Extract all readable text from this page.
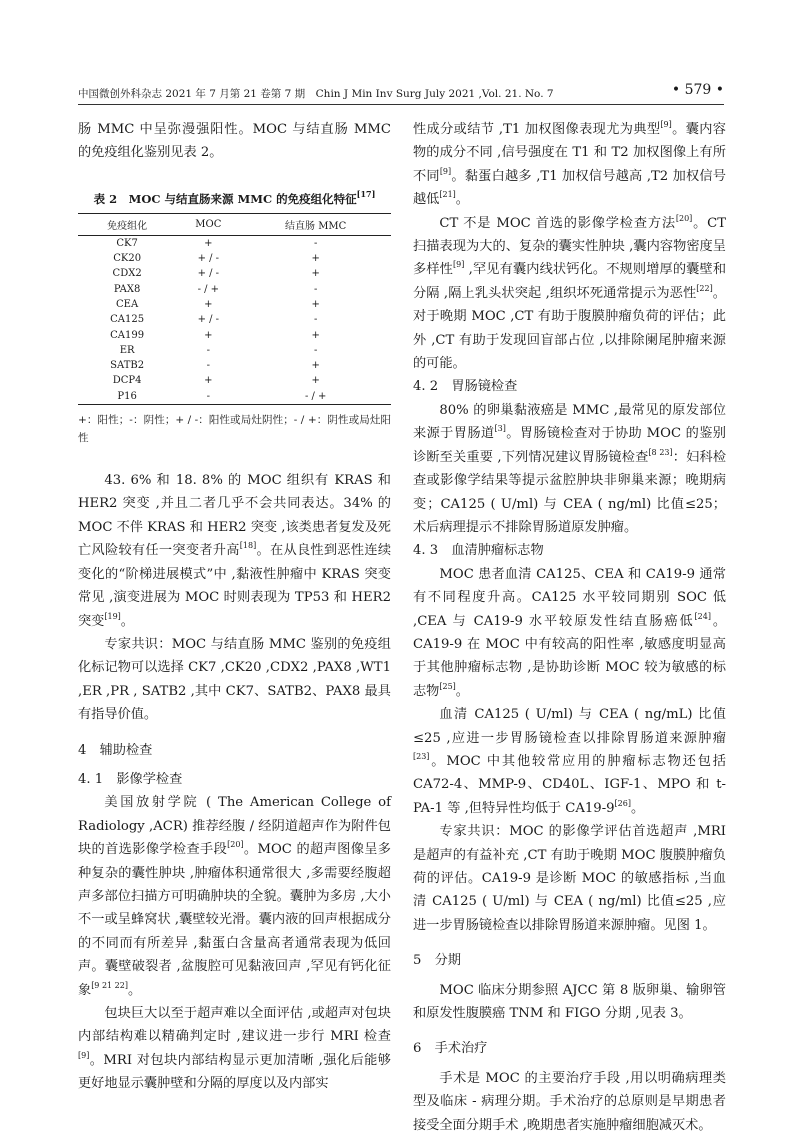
中国微创外科杂志 2021 年 7 月第 21 卷第 7 期　Chin J Min Inv Surg July 2021 ,Vol. 21. No. 7	• 579 •

肠 MMC 中呈弥漫强阳性。MOC 与结直肠 MMC 的免疫组化鉴别见表 2。

表 2　MOC 与结直肠来源 MMC 的免疫组化特征[17]
免疫组化	MOC	结直肠 MMC
CK7	+	-
CK20	+ / -	+
CDX2	+ / -	+
PAX8	- / +	-
CEA	+	+
CA125	+ / -	-
CA199	+	+
ER	-	-
SATB2	-	+
DCP4	+	+
P16	-	- / +
+：阳性；-：阴性；+ / -：阳性或局灶阴性；- / +：阴性或局灶阳性

43. 6% 和 18. 8% 的 MOC 组织有 KRAS 和 HER2 突变 ,并且二者几乎不会共同表达。34% 的 MOC 不伴 KRAS 和 HER2 突变 ,该类患者复发及死亡风险较有任一突变者升高[18]。在从良性到恶性连续变化的“阶梯进展模式”中 ,黏液性肿瘤中 KRAS 突变常见 ,演变进展为 MOC 时则表现为 TP53 和 HER2 突变[19]。

专家共识：MOC 与结直肠 MMC 鉴别的免疫组化标记物可以选择 CK7 ,CK20 ,CDX2 ,PAX8 ,WT1 ,ER ,PR , SATB2 ,其中 CK7、SATB2、PAX8 最具有指导价值。

4　辅助检查
4. 1　影像学检查

美国放射学院 ( The American College of Radiology ,ACR) 推荐经腹 / 经阴道超声作为附件包块的首选影像学检查手段[20]。MOC 的超声图像呈多种复杂的囊性肿块 ,肿瘤体积通常很大 ,多需要经腹超声多部位扫描方可明确肿块的全貌。囊肿为多房 ,大小不一或呈蜂窝状 ,囊壁较光滑。囊内液的回声根据成分的不同而有所差异 ,黏蛋白含量高者通常表现为低回声。囊壁破裂者 ,盆腹腔可见黏液回声 ,罕见有钙化征象[9 21 22]。

包块巨大以至于超声难以全面评估 ,或超声对包块内部结构难以精确判定时 ,建议进一步行 MRI 检查[9]。MRI 对包块内部结构显示更加清晰 ,强化后能够更好地显示囊肿壁和分隔的厚度以及内部实

性成分或结节 ,T1 加权图像表现尤为典型[9]。囊内容物的成分不同 ,信号强度在 T1 和 T2 加权图像上有所不同[9]。黏蛋白越多 ,T1 加权信号越高 ,T2 加权信号越低[21]。

CT 不是 MOC 首选的影像学检查方法[20]。CT 扫描表现为大的、复杂的囊实性肿块 ,囊内容物密度呈多样性[9] ,罕见有囊内线状钙化。不规则增厚的囊壁和分隔 ,隔上乳头状突起 ,组织坏死通常提示为恶性[22]。对于晚期 MOC ,CT 有助于腹膜肿瘤负荷的评估；此外 ,CT 有助于发现回盲部占位 ,以排除阑尾肿瘤来源的可能。

4. 2　胃肠镜检查

80% 的卵巢黏液癌是 MMC ,最常见的原发部位来源于胃肠道[3]。胃肠镜检查对于协助 MOC 的鉴别诊断至关重要 ,下列情况建议胃肠镜检查[8 23]：妇科检查或影像学结果等提示盆腔肿块非卵巢来源；晚期病变；CA125 ( U/ml) 与 CEA ( ng/ml) 比值≤25；术后病理提示不排除胃肠道原发肿瘤。

4. 3　血清肿瘤标志物

MOC 患者血清 CA125、CEA 和 CA19-9 通常有不同程度升高。CA125 水平较同期别 SOC 低 ,CEA 与 CA19-9 水平较原发性结直肠癌低[24]。CA19-9 在 MOC 中有较高的阳性率 ,敏感度明显高于其他肿瘤标志物 ,是协助诊断 MOC 较为敏感的标志物[25]。

血清 CA125 ( U/ml) 与 CEA ( ng/mL) 比值≤25 ,应进一步胃肠镜检查以排除胃肠道来源肿瘤[23]。MOC 中其他较常应用的肿瘤标志物还包括 CA72-4、MMP-9、CD40L、IGF-1、MPO 和 t-PA-1 等 ,但特异性均低于 CA19-9[26]。

专家共识：MOC 的影像学评估首选超声 ,MRI 是超声的有益补充 ,CT 有助于晚期 MOC 腹膜肿瘤负荷的评估。CA19-9 是诊断 MOC 的敏感指标 ,当血清 CA125 ( U/ml) 与 CEA ( ng/ml) 比值≤25 ,应进一步胃肠镜检查以排除胃肠道来源肿瘤。见图 1。

5　分期

MOC 临床分期参照 AJCC 第 8 版卵巢、输卵管和原发性腹膜癌 TNM 和 FIGO 分期 ,见表 3。

6　手术治疗

手术是 MOC 的主要治疗手段 ,用以明确病理类型及临床 - 病理分期。手术治疗的总原则是早期患者接受全面分期手术 ,晚期患者实施肿瘤细胞减灭术。
